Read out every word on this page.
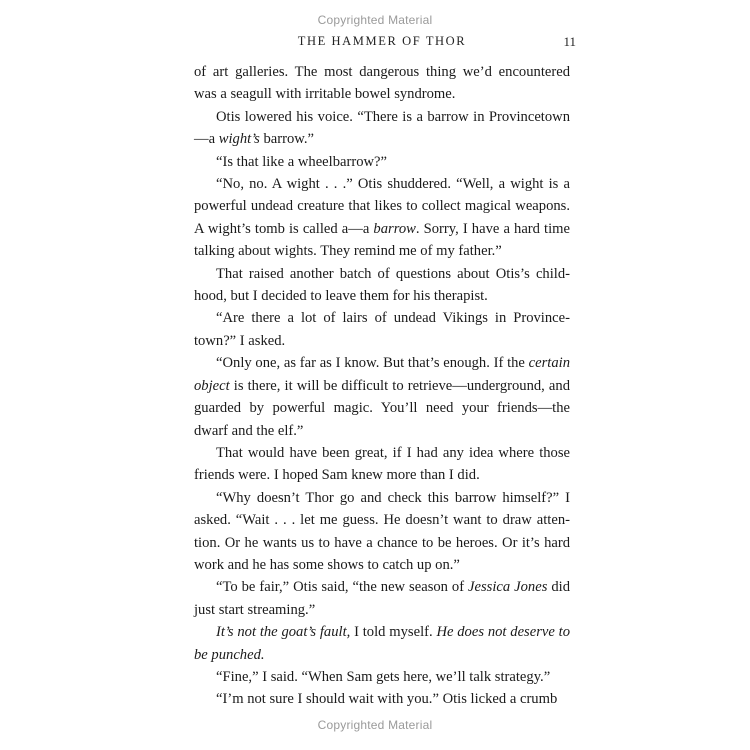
Copyrighted Material
THE HAMMER OF THOR	11

of art galleries. The most dangerous thing we’d encountered was a seagull with irritable bowel syndrome.

Otis lowered his voice. “There is a barrow in Provincetown—a wight’s barrow.”

“Is that like a wheelbarrow?”

“No, no. A wight . . .” Otis shuddered. “Well, a wight is a powerful undead creature that likes to collect magical weapons. A wight’s tomb is called a—a barrow. Sorry, I have a hard time talking about wights. They remind me of my father.”

That raised another batch of questions about Otis’s childhood, but I decided to leave them for his therapist.

“Are there a lot of lairs of undead Vikings in Provincetown?” I asked.

“Only one, as far as I know. But that’s enough. If the certain object is there, it will be difficult to retrieve—underground, and guarded by powerful magic. You’ll need your friends—the dwarf and the elf.”

That would have been great, if I had any idea where those friends were. I hoped Sam knew more than I did.

“Why doesn’t Thor go and check this barrow himself?” I asked. “Wait . . . let me guess. He doesn’t want to draw attention. Or he wants us to have a chance to be heroes. Or it’s hard work and he has some shows to catch up on.”

“To be fair,” Otis said, “the new season of Jessica Jones did just start streaming.”

It’s not the goat’s fault, I told myself. He does not deserve to be punched.

“Fine,” I said. “When Sam gets here, we’ll talk strategy.”

“I’m not sure I should wait with you.” Otis licked a crumb

Copyrighted Material
